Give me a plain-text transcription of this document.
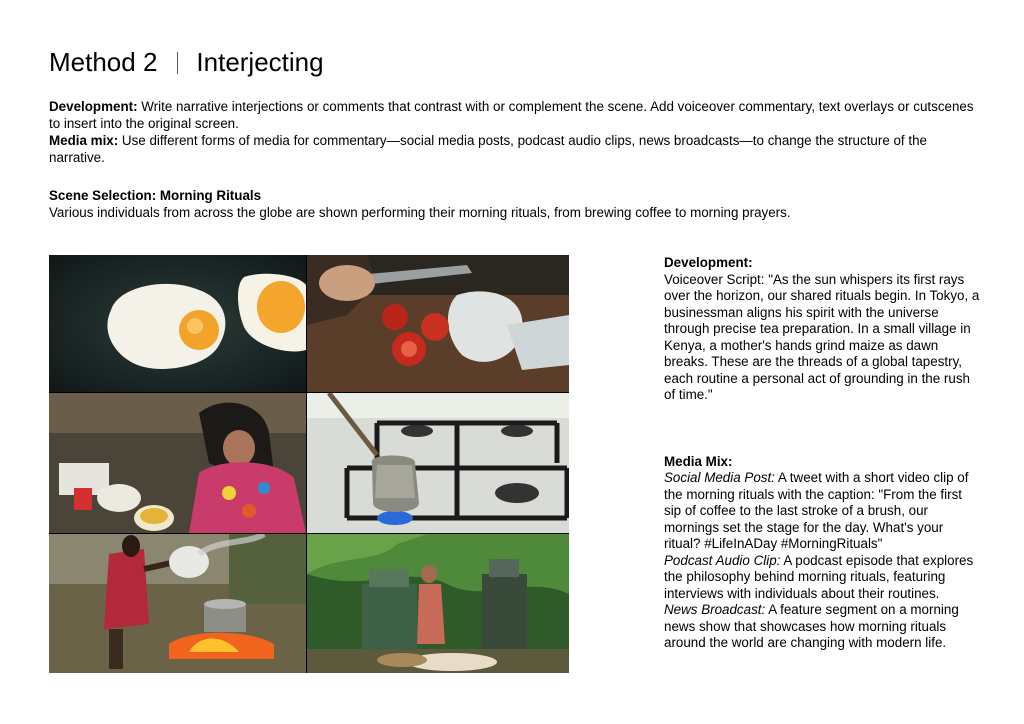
Method 2 Interjecting

Development: Write narrative interjections or comments that contrast with or complement the scene. Add voiceover commentary, text overlays or cutscenes to insert into the original screen.

Media mix: Use different forms of media for commentary—social media posts, podcast audio clips, news broadcasts—to change the structure of the narrative.

Scene Selection: Morning Rituals

Various individuals from across the globe are shown performing their morning rituals, from brewing coffee to morning prayers.

Development:

Voiceover Script: "As the sun whispers its first rays over the horizon, our shared rituals begin. In Tokyo, a businessman aligns his spirit with the universe through precise tea preparation. In a small village in Kenya, a mother's hands grind maize as dawn breaks. These are the threads of a global tapestry, each routine a personal act of grounding in the rush of time."

Media Mix:

Social Media Post: A tweet with a short video clip of the morning rituals with the caption: "From the first sip of coffee to the last stroke of a brush, our mornings set the stage for the day. What's your ritual? #LifeInADay #MorningRituals"

Podcast Audio Clip: A podcast episode that explores the philosophy behind morning rituals, featuring interviews with individuals about their routines.

News Broadcast: A feature segment on a morning news show that showcases how morning rituals around the world are changing with modern life.
